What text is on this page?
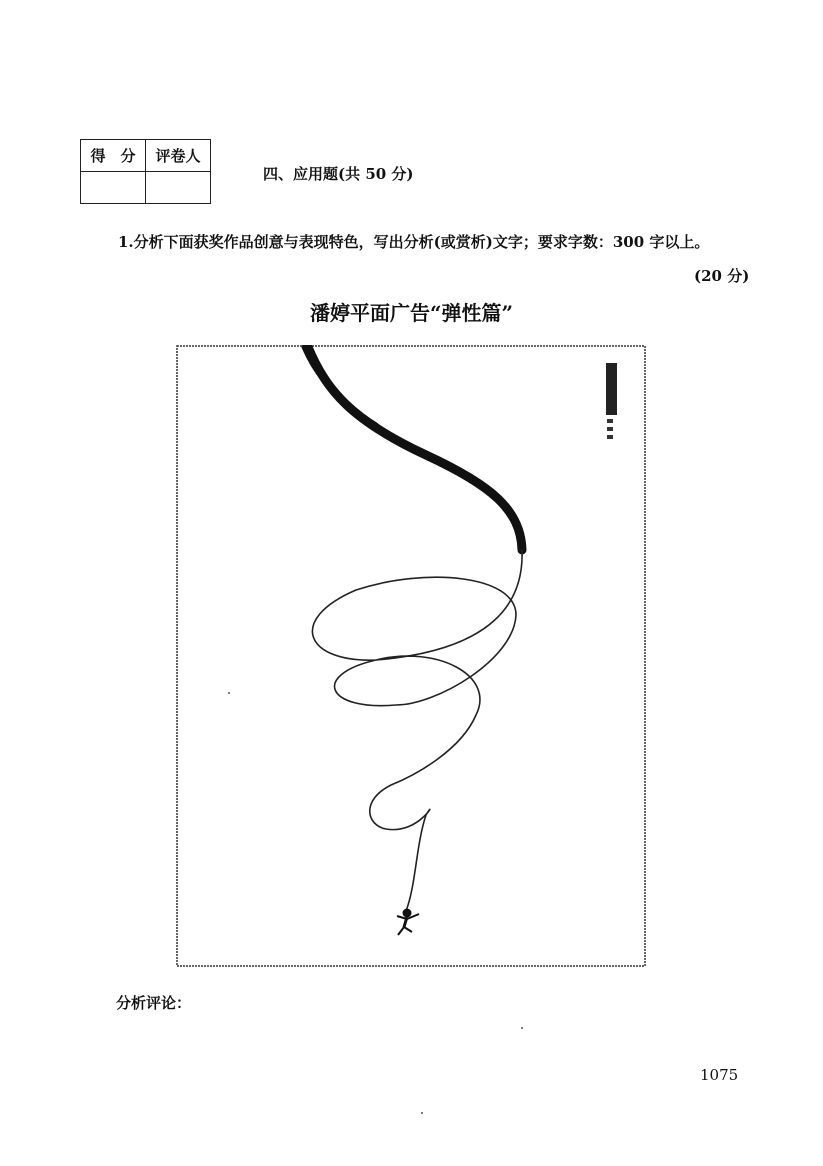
得　分	评卷人

四、应用题(共 50 分)
1.分析下面获奖作品创意与表现特色，写出分析(或赏析)文字；要求字数：300 字以上。
(20 分)
潘婷平面广告“弹性篇”
分析评论：
1075
